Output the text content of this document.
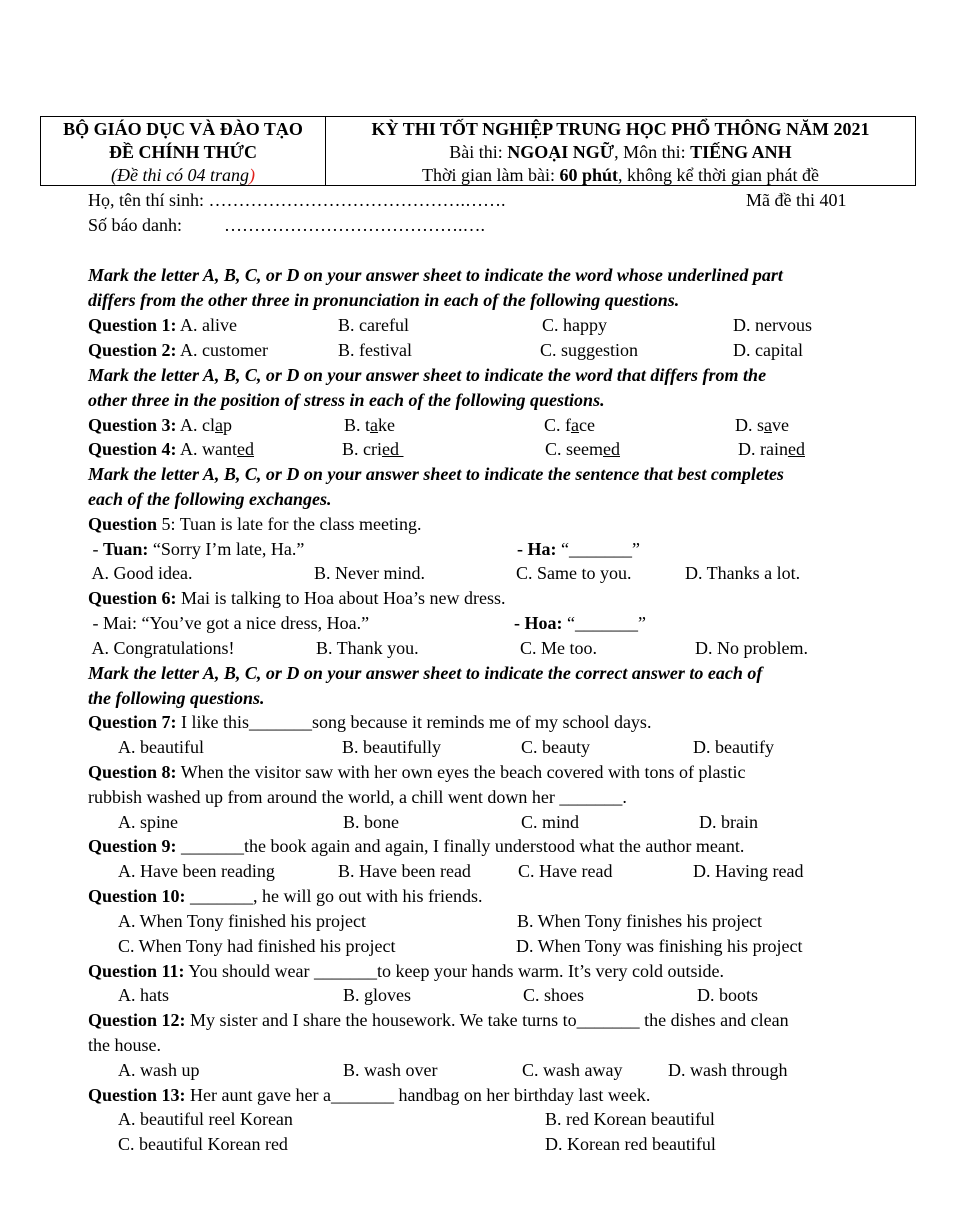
BỘ GIÁO DỤC VÀ ĐÀO TẠO
ĐỀ CHÍNH THỨC
(Đề thi có 04 trang)
KỲ THI TỐT NGHIỆP TRUNG HỌC PHỔ THÔNG NĂM 2021
Bài thi: NGOẠI NGỮ, Môn thi: TIẾNG ANH
Thời gian làm bài: 60 phút, không kể thời gian phát đề
Họ, tên thí sinh: …………………………………….…….	Mã đề thi 401
Số báo danh: ………………………………….….
Mark the letter A, B, C, or D on your answer sheet to indicate the word whose underlined part
differs from the other three in pronunciation in each of the following questions.
Question 1: A. alive	B. careful	C. happy	D. nervous
Question 2: A. customer	B. festival	C. suggestion	D. capital
Mark the letter A, B, C, or D on your answer sheet to indicate the word that differs from the
other three in the position of stress in each of the following questions.
Question 3: A. clap	B. take	C. face	D. save
Question 4: A. wanted	B. cried	C. seemed	D. rained
Mark the letter A, B, C, or D on your answer sheet to indicate the sentence that best completes
each of the following exchanges.
Question 5: Tuan is late for the class meeting.
- Tuan: “Sorry I’m late, Ha.”	- Ha: “_______”
A. Good idea.	B. Never mind.	C. Same to you.	D. Thanks a lot.
Question 6: Mai is talking to Hoa about Hoa’s new dress.
- Mai: “You’ve got a nice dress, Hoa.”	- Hoa: “_______”
A. Congratulations!	B. Thank you.	C. Me too.	D. No problem.
Mark the letter A, B, C, or D on your answer sheet to indicate the correct answer to each of
the following questions.
Question 7: I like this_______song because it reminds me of my school days.
A. beautiful	B. beautifully	C. beauty	D. beautify
Question 8: When the visitor saw with her own eyes the beach covered with tons of plastic
rubbish washed up from around the world, a chill went down her _______.
A. spine	B. bone	C. mind	D. brain
Question 9: _______the book again and again, I finally understood what the author meant.
A. Have been reading	B. Have been read	C. Have read	D. Having read
Question 10: _______, he will go out with his friends.
A. When Tony finished his project	B. When Tony finishes his project
C. When Tony had finished his project	D. When Tony was finishing his project
Question 11: You should wear _______to keep your hands warm. It’s very cold outside.
A. hats	B. gloves	C. shoes	D. boots
Question 12: My sister and I share the housework. We take turns to_______ the dishes and clean
the house.
A. wash up	B. wash over	C. wash away	D. wash through
Question 13: Her aunt gave her a_______ handbag on her birthday last week.
A. beautiful reel Korean	B. red Korean beautiful
C. beautiful Korean red	D. Korean red beautiful
